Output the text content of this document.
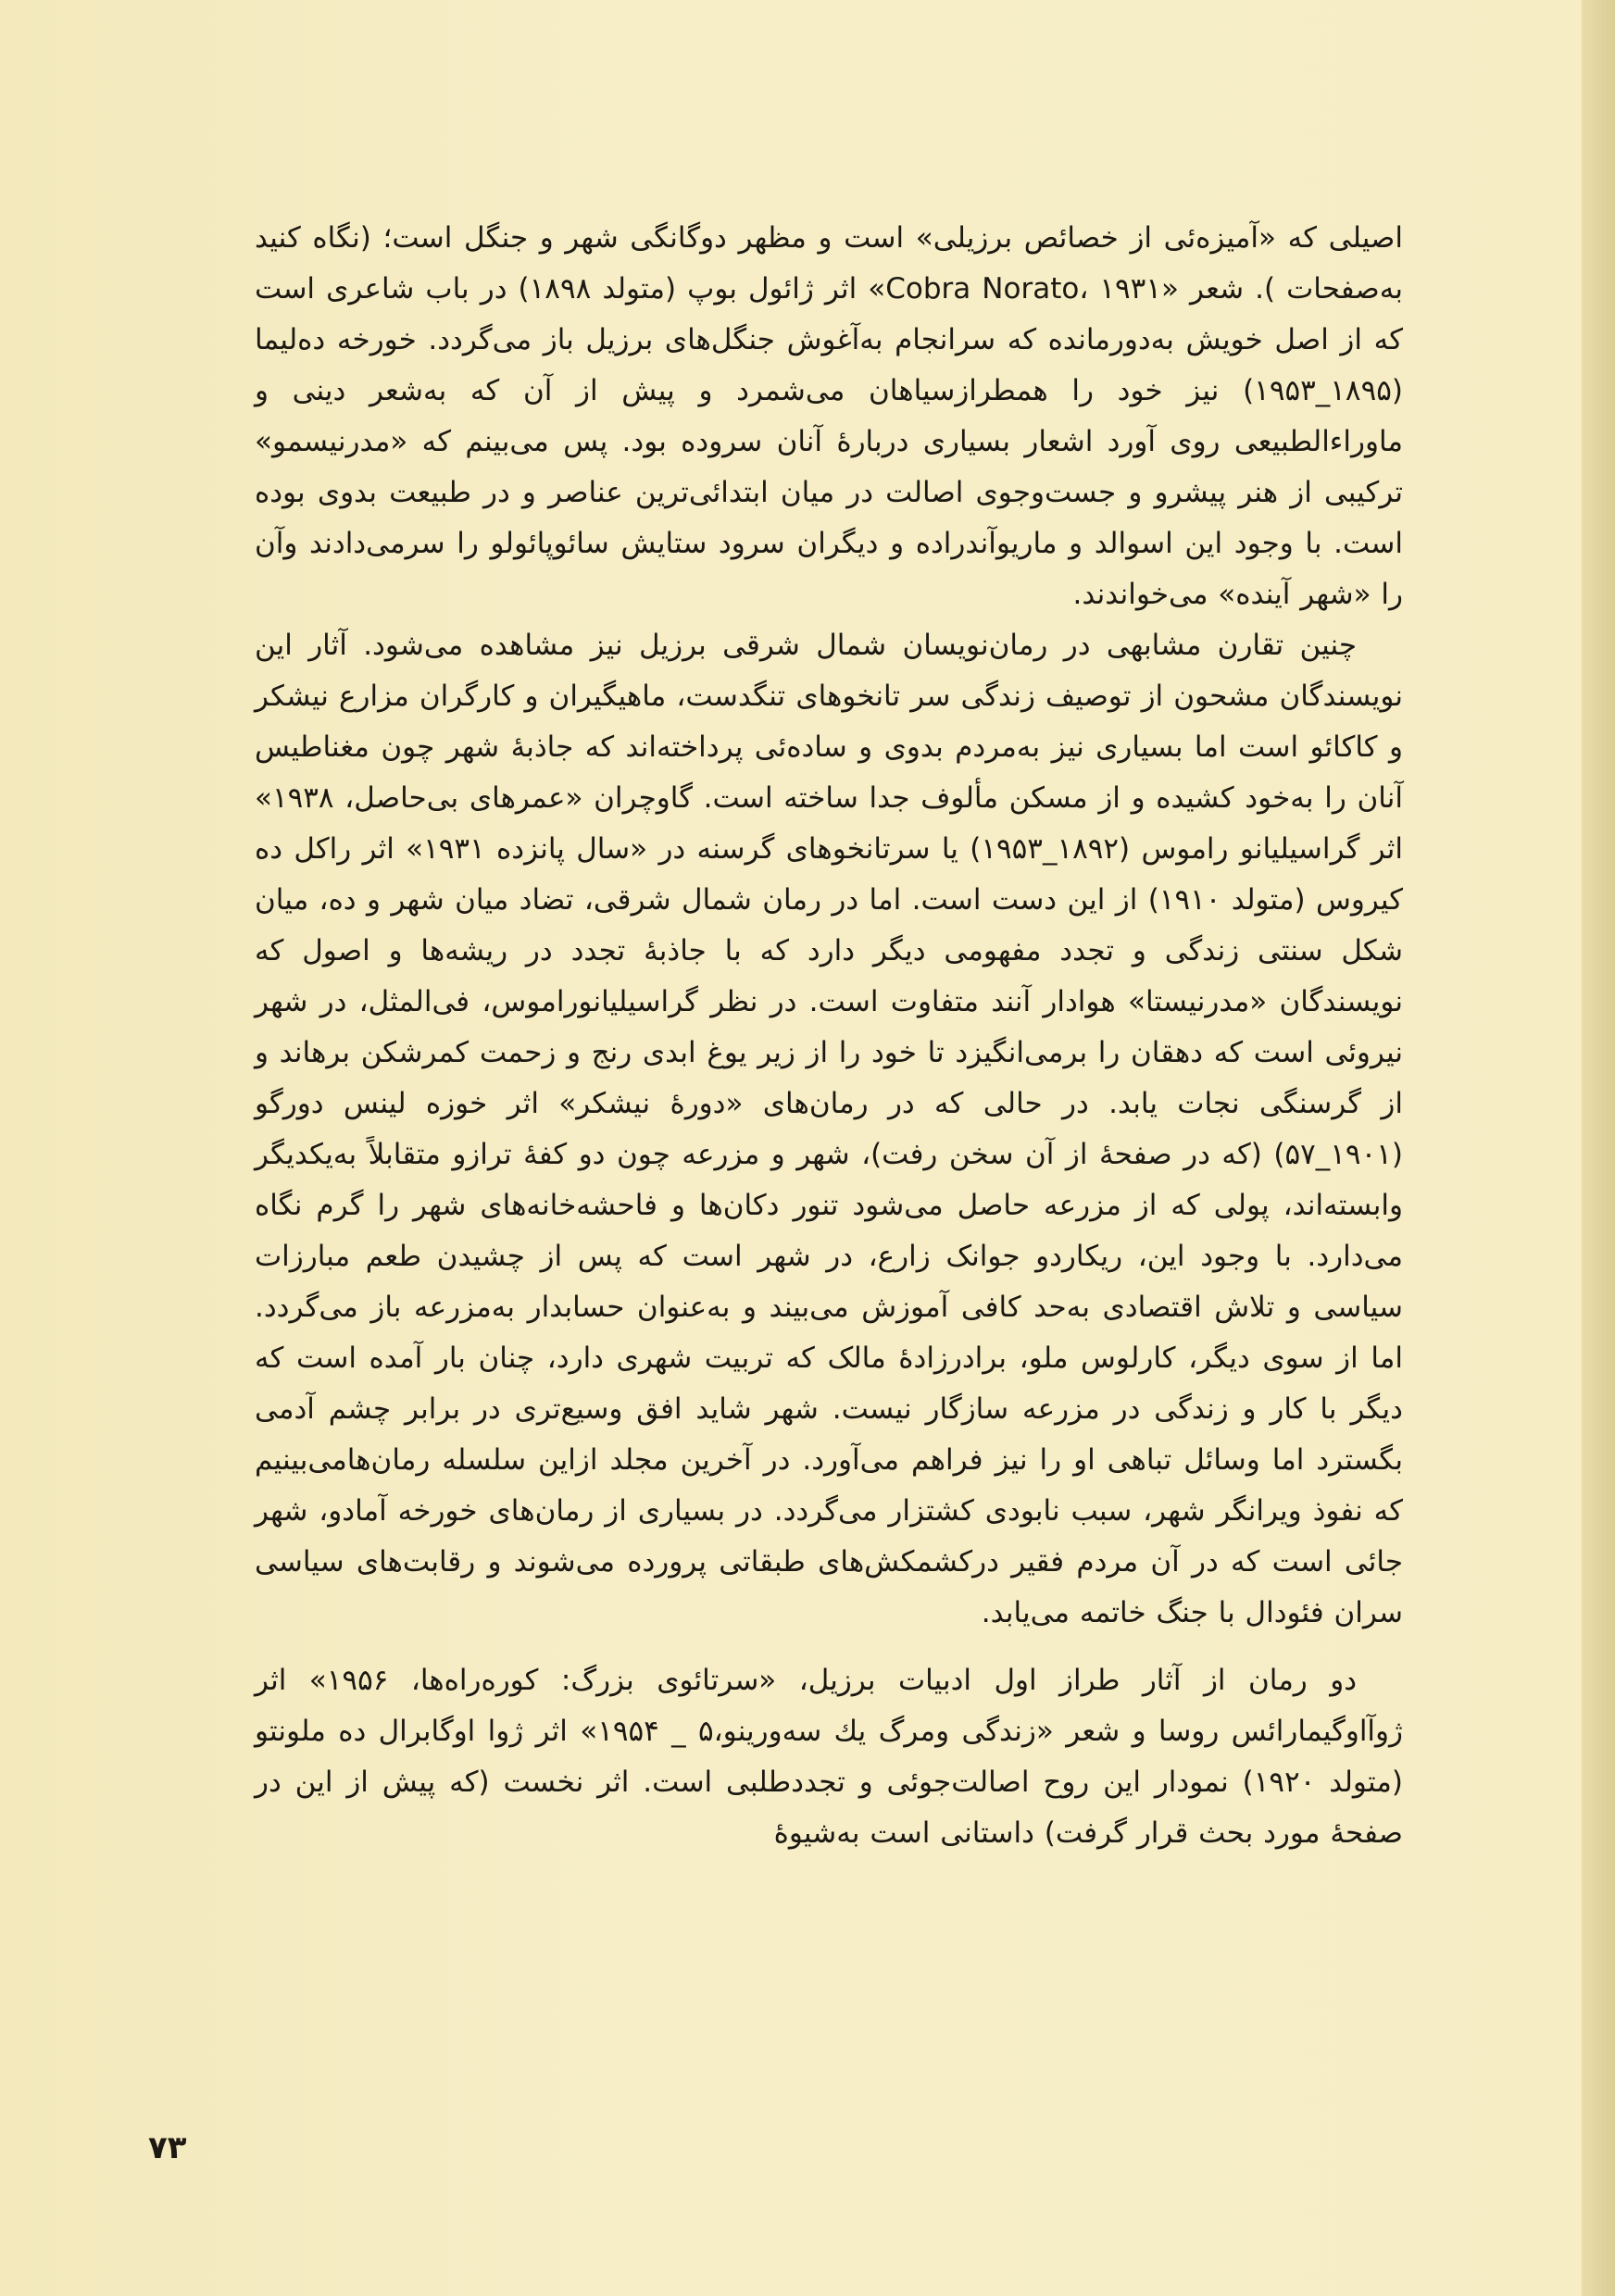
اصیلی که «آمیزه‌ئی از خصائص برزیلی» است و مظهر دوگانگی شهر و جنگل است؛ (نگاه کنید به‌صفحات ). شعر «Cobra Norato، ۱۹۳۱» اثر ژائول بوپ (متولد ۱۸۹۸) در باب شاعری است که از اصل خویش به‌دورمانده که سرانجام به‌آغوش جنگل‌های برزیل باز می‌گردد. خورخه ده‌لیما (۱۸۹۵_۱۹۵۳) نیز خود را همطرازسیاهان می‌شمرد و پیش از آن که به‌شعر دینی و ماوراءالطبیعی روی آورد اشعار بسیاری دربارهٔ آنان سروده بود. پس می‌بینم که «مدرنیسمو» ترکیبی از هنر پیشرو و جست‌وجوی اصالت در میان ابتدائی‌ترین عناصر و در طبیعت بدوی بوده است. با وجود این اسوالد و ماریوآندراده و دیگران سرود ستایش سائوپائولو را سرمی‌دادند وآن را «شهر آینده» می‌خواندند.

چنین تقارن مشابهی در رمان‌نویسان شمال شرقی برزیل نیز مشاهده می‌شود. آثار این نویسندگان مشحون از توصیف زندگی سر تانخوهای تنگدست، ماهیگیران و کارگران مزارع نیشکر و کاکائو است اما بسیاری نیز به‌مردم بدوی و ساده‌ئی پرداخته‌اند که جاذبهٔ شهر چون مغناطیس آنان را به‌خود کشیده و از مسکن مألوف جدا ساخته است. گاوچران «عمرهای بی‌حاصل، ۱۹۳۸» اثر گراسیلیانو راموس (۱۸۹۲_۱۹۵۳) یا سرتانخوهای گرسنه در «سال پانزده ۱۹۳۱» اثر راکل ده کیروس (متولد ۱۹۱۰) از این دست است. اما در رمان شمال شرقی، تضاد میان شهر و ده، میان شکل سنتی زندگی و تجدد مفهومی دیگر دارد که با جاذبهٔ تجدد در ریشه‌ها و اصول که نویسندگان «مدرنیستا» هوادار آنند متفاوت است. در نظر گراسیلیانوراموس، فی‌المثل، در شهر نیروئی است که دهقان را برمی‌انگیزد تا خود را از زیر یوغ ابدی رنج و زحمت کمرشکن برهاند و از گرسنگی نجات یابد. در حالی که در رمان‌های «دورهٔ نیشکر» اثر خوزه لینس دورگو (۱۹۰۱_۵۷) (که در صفحهٔ از آن سخن رفت)، شهر و مزرعه چون دو کفهٔ ترازو متقابلاً به‌یکدیگر وابسته‌اند، پولی که از مزرعه حاصل می‌شود تنور دکان‌ها و فاحشه‌خانه‌های شهر را گرم نگاه می‌دارد. با وجود این، ریکاردو جوانک زارع، در شهر است که پس از چشیدن طعم مبارزات سیاسی و تلاش اقتصادی به‌حد کافی آموزش می‌بیند و به‌عنوان حسابدار به‌مزرعه باز می‌گردد. اما از سوی دیگر، کارلوس ملو، برادرزادهٔ مالک که تربیت شهری دارد، چنان بار آمده است که دیگر با کار و زندگی در مزرعه سازگار نیست. شهر شاید افق وسیع‌تری در برابر چشم آدمی بگسترد اما وسائل تباهی او را نیز فراهم می‌آورد. در آخرین مجلد ازاین سلسله رمان‌هامی‌بینیم که نفوذ ویرانگر شهر، سبب نابودی کشتزار می‌گردد. در بسیاری از رمان‌های خورخه آمادو، شهر جائی است که در آن مردم فقیر درکشمکش‌های طبقاتی پرورده می‌شوند و رقابت‌های سیاسی سران فئودال با جنگ خاتمه می‌یابد.

دو رمان از آثار طراز اول ادبیات برزیل، «سرتائوی بزرگ: کوره‌راه‌ها، ۱۹۵۶» اثر ژوآاوگیمارائس روسا و شعر «زندگی ومرگ یك سه‌ورینو،۵ _ ۱۹۵۴» اثر ژوا اوگابرال ده ملونتو (متولد ۱۹۲۰) نمودار این روح اصالت‌جوئی و تجددطلبی است. اثر نخست (که پیش از این در صفحهٔ مورد بحث قرار گرفت) داستانی است به‌شیوهٔ

۷۳
